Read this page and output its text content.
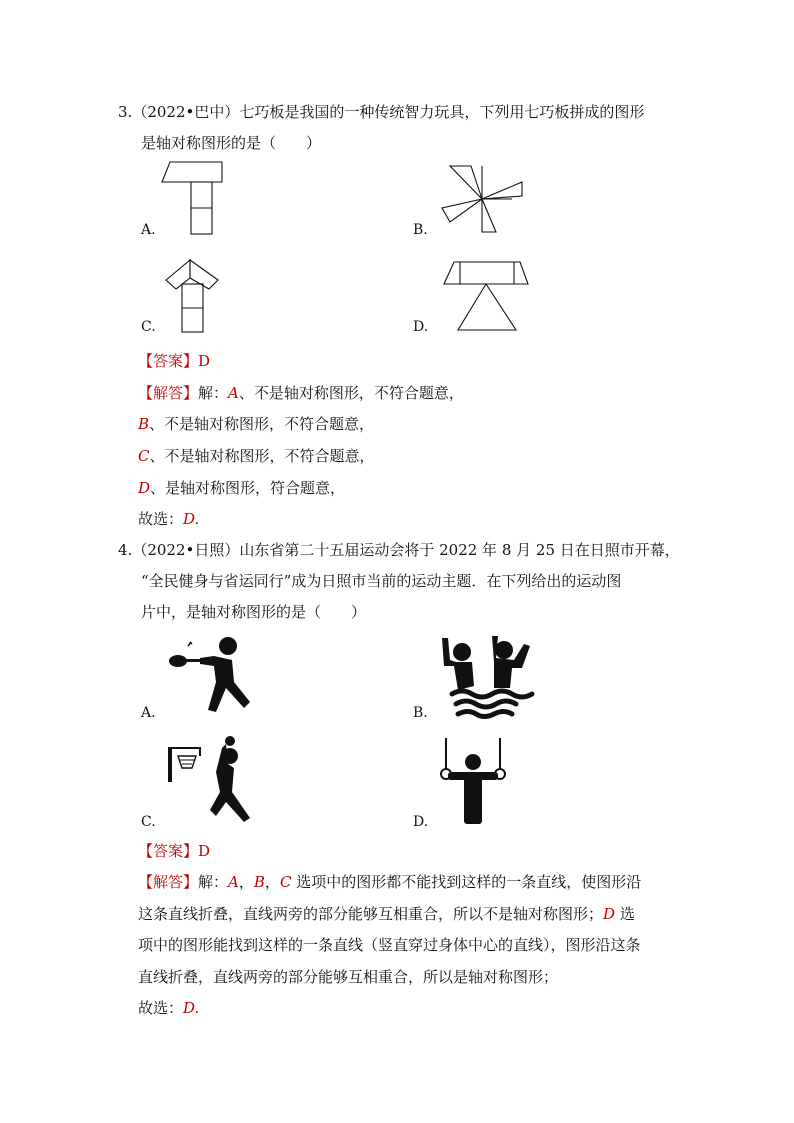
3.（2022•巴中）七巧板是我国的一种传统智力玩具，下列用七巧板拼成的图形
是轴对称图形的是（　　）
A.	B.
C.	D.
【答案】D
【解答】解：A、不是轴对称图形，不符合题意，
B、不是轴对称图形，不符合题意，
C、不是轴对称图形，不符合题意，
D、是轴对称图形，符合题意，
故选：D.
4.（2022•日照）山东省第二十五届运动会将于 2022 年 8 月 25 日在日照市开幕，
“全民健身与省运同行”成为日照市当前的运动主题．在下列给出的运动图
片中，是轴对称图形的是（　　）
A.	B.
C.	D.
【答案】D
【解答】解：A，B，C 选项中的图形都不能找到这样的一条直线，使图形沿
这条直线折叠，直线两旁的部分能够互相重合，所以不是轴对称图形；D 选
项中的图形能找到这样的一条直线（竖直穿过身体中心的直线），图形沿这条
直线折叠，直线两旁的部分能够互相重合，所以是轴对称图形；
故选：D.
